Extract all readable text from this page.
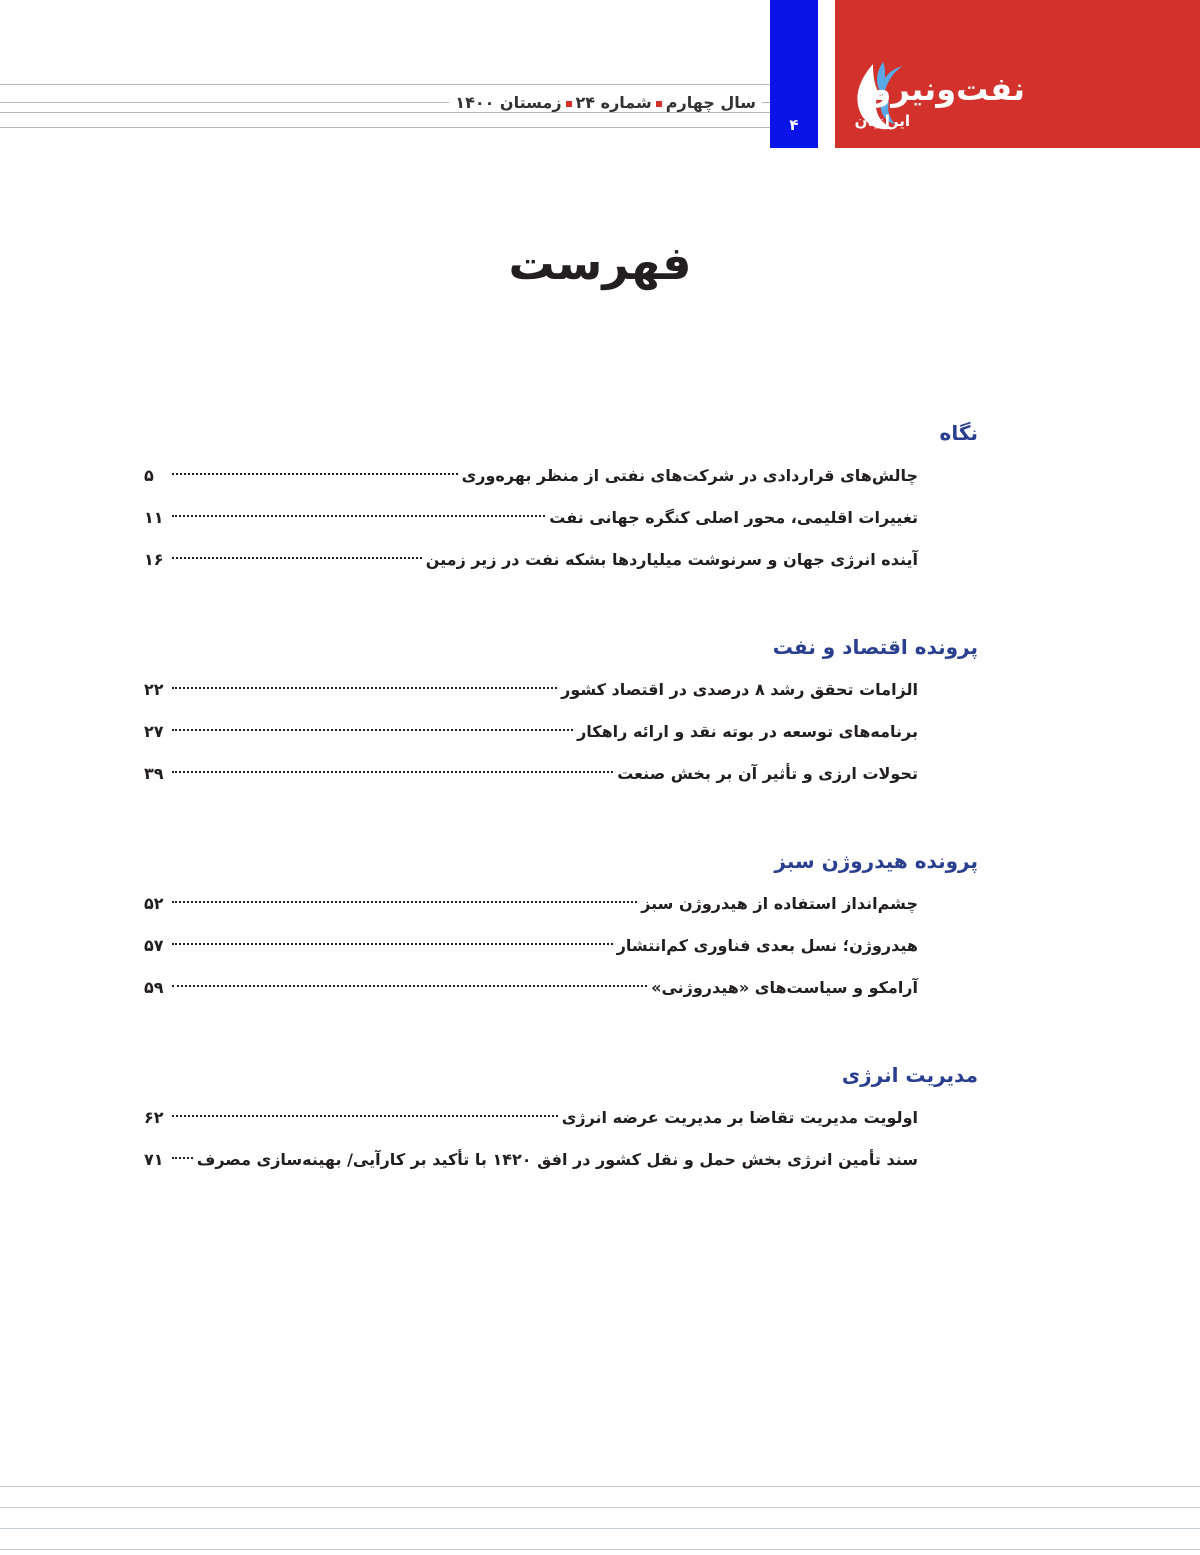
سال چهارمشماره ۲۴زمستان ۱۴۰۰
۴
نفت‌ونیرو
ایرانیان
فهرست
نگاه
چالش‌های قراردادی در شرکت‌های نفتی از منظر بهره‌وری
۵
تغییرات اقلیمی، محور اصلی کنگره جهانی نفت
۱۱
آینده انرژی جهان و سرنوشت میلیاردها بشکه نفت در زیر زمین
۱۶
پرونده اقتصاد و نفت
الزامات تحقق رشد ۸ درصدی در اقتصاد کشور
۲۲
برنامه‌های توسعه در بوته نقد و ارائه راهکار
۲۷
تحولات ارزی و تأثیر آن بر بخش صنعت
۳۹
پرونده هیدروژن سبز
چشم‌انداز استفاده از هیدروژن سبز
۵۲
هیدروژن؛ نسل بعدی فناوری کم‌انتشار
۵۷
آرامکو و سیاست‌های «هیدروژنی»
۵۹
مدیریت انرژی
اولویت مدیریت تقاضا بر مدیریت عرضه انرژی
۶۲
سند تأمین انرژی بخش حمل و نقل کشور در افق ۱۴۲۰ با تأکید بر کارآیی/ بهینه‌سازی مصرف
۷۱
